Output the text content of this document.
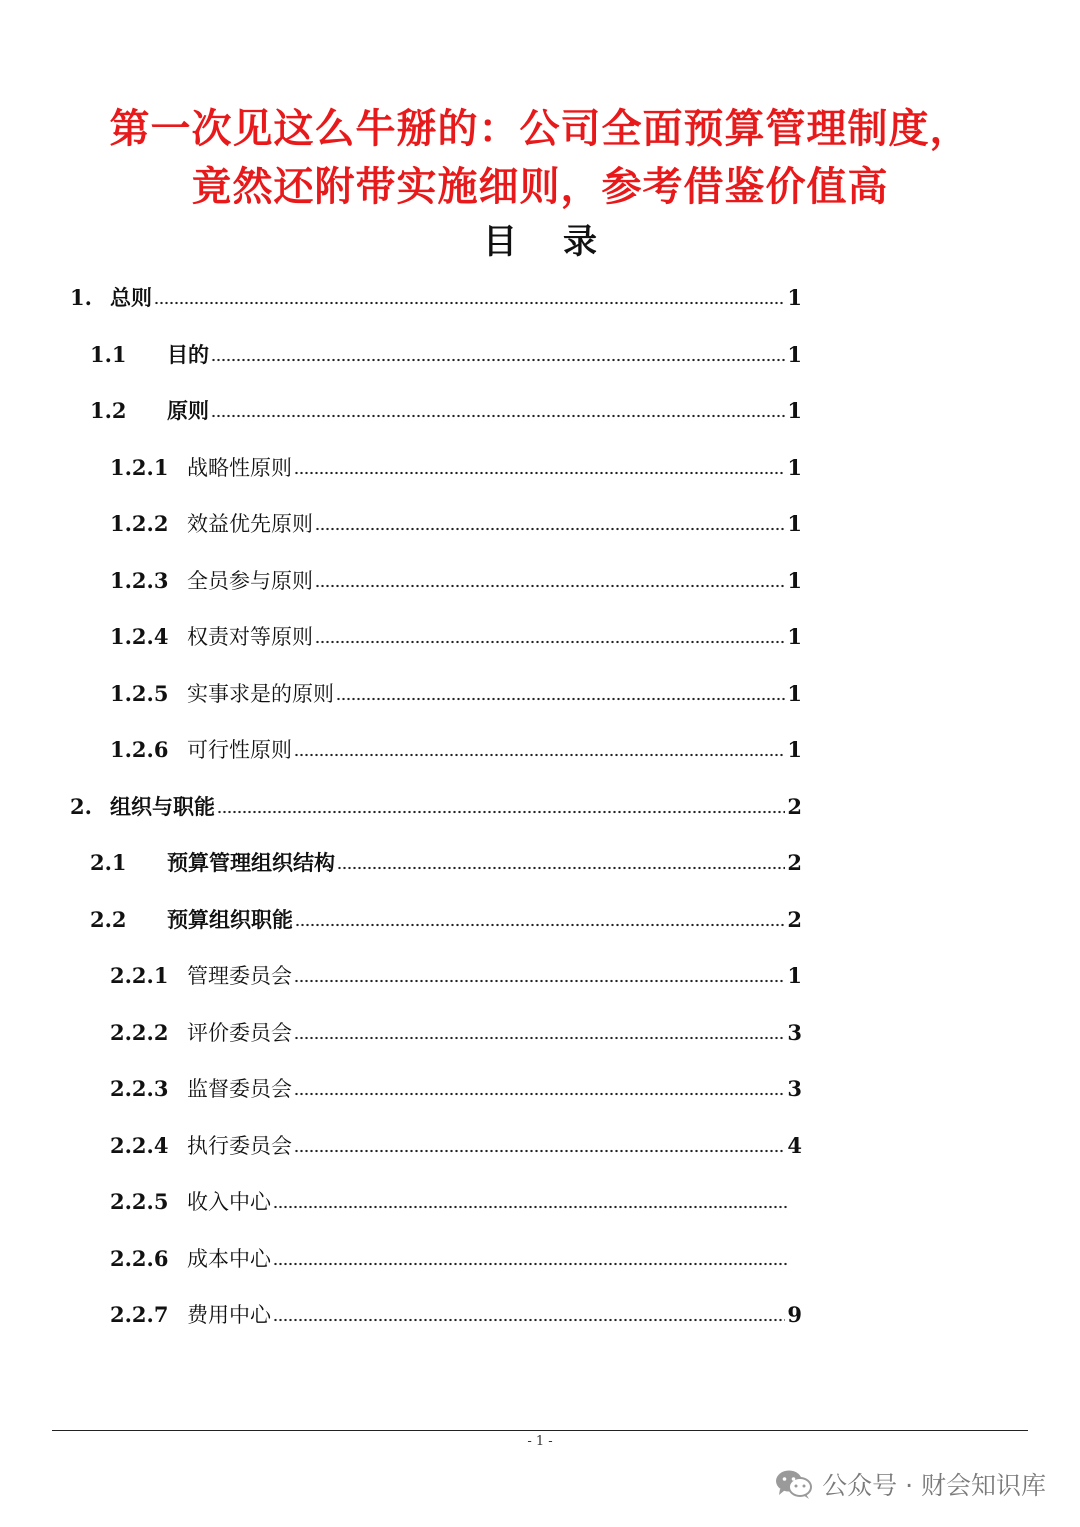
第一次见这么牛掰的：公司全面预算管理制度，
竟然还附带实施细则，参考借鉴价值高
目 录
1. 总则	1
1.1	目的	1
1.2	原则	1
1.2.1 战略性原则	1
1.2.2 效益优先原则	1
1.2.3 全员参与原则	1
1.2.4 权责对等原则	1
1.2.5 实事求是的原则	1
1.2.6 可行性原则	1
2. 组织与职能	2
2.1	预算管理组织结构	2
2.2	预算组织职能	2
2.2.1 管理委员会	1
2.2.2 评价委员会	3
2.2.3 监督委员会	3
2.2.4 执行委员会	4
2.2.5 收入中心
2.2.6 成本中心
2.2.7 费用中心	9
- 1 -
公众号 · 财会知识库
